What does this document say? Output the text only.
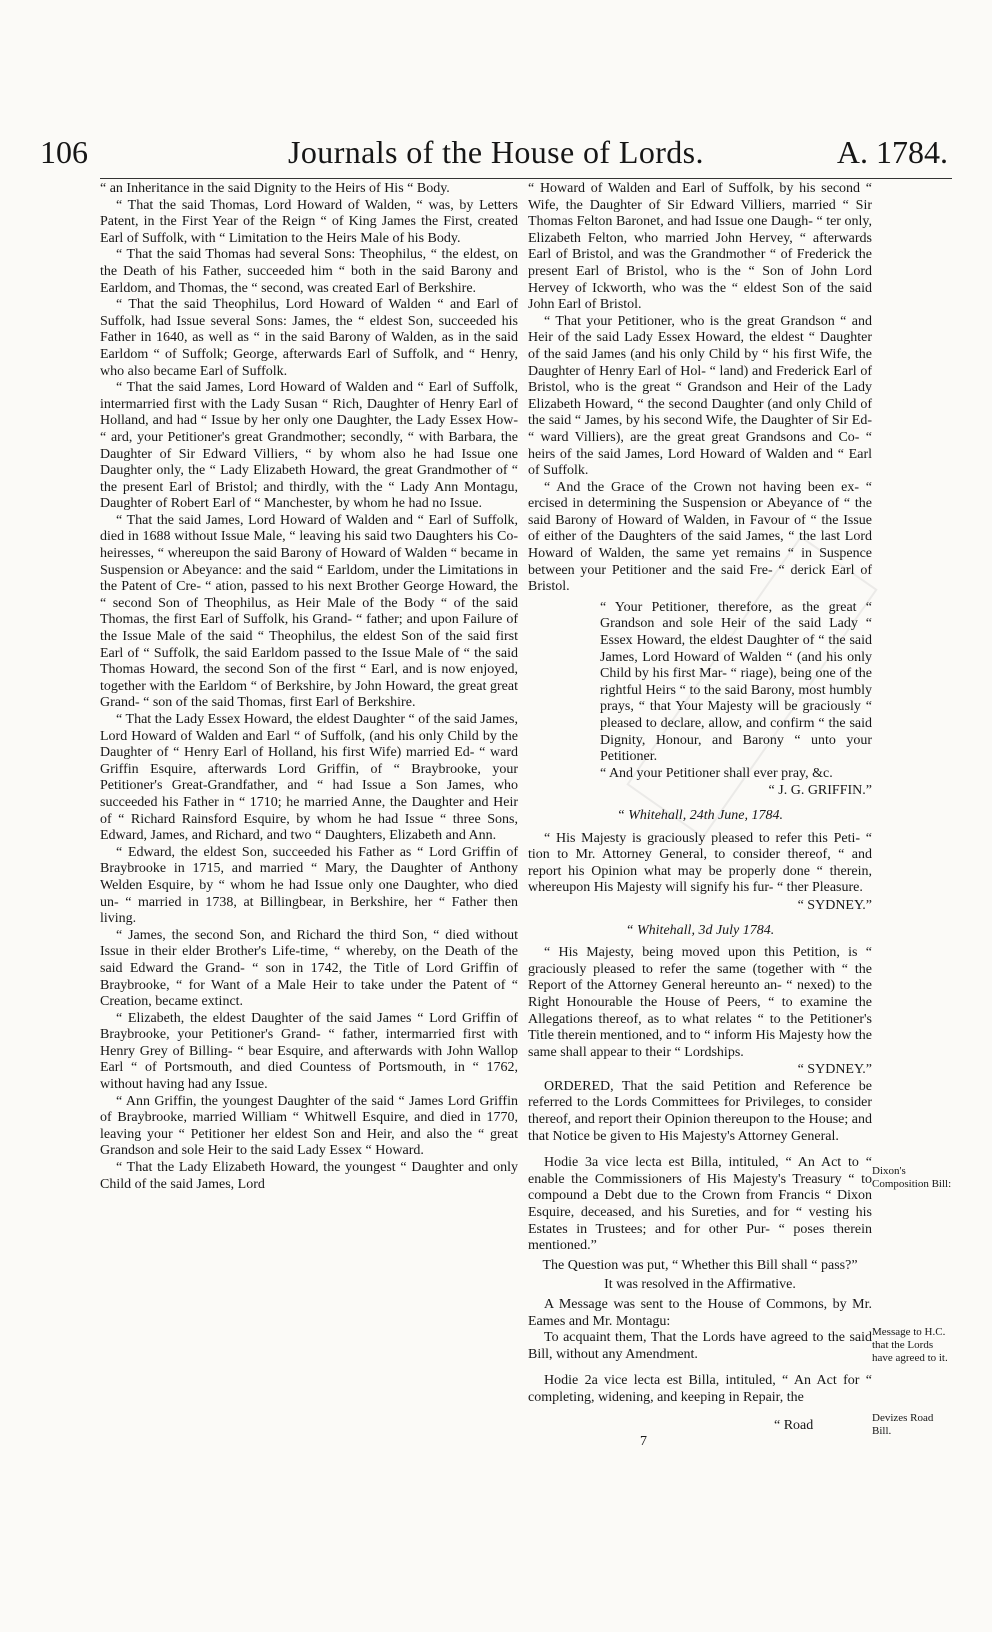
106	Journals of the House of Lords.	A. 1784.

“ an Inheritance in the said Dignity to the Heirs of His “ Body.

“ That the said Thomas, Lord Howard of Walden, “ was, by Letters Patent, in the First Year of the Reign “ of King James the First, created Earl of Suffolk, with “ Limitation to the Heirs Male of his Body.

“ That the said Thomas had several Sons: Theophilus, “ the eldest, on the Death of his Father, succeeded him “ both in the said Barony and Earldom, and Thomas, the “ second, was created Earl of Berkshire.

“ That the said Theophilus, Lord Howard of Walden “ and Earl of Suffolk, had Issue several Sons: James, the “ eldest Son, succeeded his Father in 1640, as well as “ in the said Barony of Walden, as in the said Earldom “ of Suffolk; George, afterwards Earl of Suffolk, and “ Henry, who also became Earl of Suffolk.

“ That the said James, Lord Howard of Walden and “ Earl of Suffolk, intermarried first with the Lady Susan “ Rich, Daughter of Henry Earl of Holland, and had “ Issue by her only one Daughter, the Lady Essex How- “ ard, your Petitioner's great Grandmother; secondly, “ with Barbara, the Daughter of Sir Edward Villiers, “ by whom also he had Issue one Daughter only, the “ Lady Elizabeth Howard, the great Grandmother of “ the present Earl of Bristol; and thirdly, with the “ Lady Ann Montagu, Daughter of Robert Earl of “ Manchester, by whom he had no Issue.

“ That the said James, Lord Howard of Walden and “ Earl of Suffolk, died in 1688 without Issue Male, “ leaving his said two Daughters his Co-heiresses, “ whereupon the said Barony of Howard of Walden “ became in Suspension or Abeyance: and the said “ Earldom, under the Limitations in the Patent of Cre- “ ation, passed to his next Brother George Howard, the “ second Son of Theophilus, as Heir Male of the Body “ of the said Thomas, the first Earl of Suffolk, his Grand- “ father; and upon Failure of the Issue Male of the said “ Theophilus, the eldest Son of the said first Earl of “ Suffolk, the said Earldom passed to the Issue Male of “ the said Thomas Howard, the second Son of the first “ Earl, and is now enjoyed, together with the Earldom “ of Berkshire, by John Howard, the great great Grand- “ son of the said Thomas, first Earl of Berkshire.

“ That the Lady Essex Howard, the eldest Daughter “ of the said James, Lord Howard of Walden and Earl “ of Suffolk, (and his only Child by the Daughter of “ Henry Earl of Holland, his first Wife) married Ed- “ ward Griffin Esquire, afterwards Lord Griffin, of “ Braybrooke, your Petitioner's Great-Grandfather, and “ had Issue a Son James, who succeeded his Father in “ 1710; he married Anne, the Daughter and Heir of “ Richard Rainsford Esquire, by whom he had Issue “ three Sons, Edward, James, and Richard, and two “ Daughters, Elizabeth and Ann.

“ Edward, the eldest Son, succeeded his Father as “ Lord Griffin of Braybrooke in 1715, and married “ Mary, the Daughter of Anthony Welden Esquire, by “ whom he had Issue only one Daughter, who died un- “ married in 1738, at Billingbear, in Berkshire, her “ Father then living.

“ James, the second Son, and Richard the third Son, “ died without Issue in their elder Brother's Life-time, “ whereby, on the Death of the said Edward the Grand- “ son in 1742, the Title of Lord Griffin of Braybrooke, “ for Want of a Male Heir to take under the Patent of “ Creation, became extinct.

“ Elizabeth, the eldest Daughter of the said James “ Lord Griffin of Braybrooke, your Petitioner's Grand- “ father, intermarried first with Henry Grey of Billing- “ bear Esquire, and afterwards with John Wallop Earl “ of Portsmouth, and died Countess of Portsmouth, in “ 1762, without having had any Issue.

“ Ann Griffin, the youngest Daughter of the said “ James Lord Griffin of Braybrooke, married William “ Whitwell Esquire, and died in 1770, leaving your “ Petitioner her eldest Son and Heir, and also the “ great Grandson and sole Heir to the said Lady Essex “ Howard.

“ That the Lady Elizabeth Howard, the youngest “ Daughter and only Child of the said James, Lord

“ Howard of Walden and Earl of Suffolk, by his second “ Wife, the Daughter of Sir Edward Villiers, married “ Sir Thomas Felton Baronet, and had Issue one Daugh- “ ter only, Elizabeth Felton, who married John Hervey, “ afterwards Earl of Bristol, and was the Grandmother “ of Frederick the present Earl of Bristol, who is the “ Son of John Lord Hervey of Ickworth, who was the “ eldest Son of the said John Earl of Bristol.

“ That your Petitioner, who is the great Grandson “ and Heir of the said Lady Essex Howard, the eldest “ Daughter of the said James (and his only Child by “ his first Wife, the Daughter of Henry Earl of Hol- “ land) and Frederick Earl of Bristol, who is the great “ Grandson and Heir of the Lady Elizabeth Howard, “ the second Daughter (and only Child of the said “ James, by his second Wife, the Daughter of Sir Ed- “ ward Villiers), are the great great Grandsons and Co- “ heirs of the said James, Lord Howard of Walden and “ Earl of Suffolk.

“ And the Grace of the Crown not having been ex- “ ercised in determining the Suspension or Abeyance of “ the said Barony of Howard of Walden, in Favour of “ the Issue of either of the Daughters of the said James, “ the last Lord Howard of Walden, the same yet remains “ in Suspence between your Petitioner and the said Fre- “ derick Earl of Bristol.

“ Your Petitioner, therefore, as the great “ Grandson and sole Heir of the said Lady “ Essex Howard, the eldest Daughter of “ the said James, Lord Howard of Walden “ (and his only Child by his first Mar- “ riage), being one of the rightful Heirs “ to the said Barony, most humbly prays, “ that Your Majesty will be graciously “ pleased to declare, allow, and confirm “ the said Dignity, Honour, and Barony “ unto your Petitioner.

“ And your Petitioner shall ever pray, &c.

“ J. G. GRIFFIN.”

“ Whitehall, 24th June, 1784.

“ His Majesty is graciously pleased to refer this Peti- “ tion to Mr. Attorney General, to consider thereof, “ and report his Opinion what may be properly done “ therein, whereupon His Majesty will signify his fur- “ ther Pleasure.

“ SYDNEY.”

“ Whitehall, 3d July 1784.

“ His Majesty, being moved upon this Petition, is “ graciously pleased to refer the same (together with “ the Report of the Attorney General hereunto an- “ nexed) to the Right Honourable the House of Peers, “ to examine the Allegations thereof, as to what relates “ to the Petitioner's Title therein mentioned, and to “ inform His Majesty how the same shall appear to their “ Lordships.

“ SYDNEY.”

ORDERED, That the said Petition and Reference be referred to the Lords Committees for Privileges, to consider thereof, and report their Opinion thereupon to the House; and that Notice be given to His Majesty's Attorney General.

Hodie 3a vice lecta est Billa, intituled, “ An Act to “ enable the Commissioners of His Majesty's Treasury “ to compound a Debt due to the Crown from Francis “ Dixon Esquire, deceased, and his Sureties, and for “ vesting his Estates in Trustees; and for other Pur- “ poses therein mentioned.”

The Question was put, “ Whether this Bill shall “ pass?”

It was resolved in the Affirmative.

A Message was sent to the House of Commons, by Mr. Eames and Mr. Montagu:

To acquaint them, That the Lords have agreed to the said Bill, without any Amendment.

Hodie 2a vice lecta est Billa, intituled, “ An Act for “ completing, widening, and keeping in Repair, the

Dixon's Composition Bill:
Message to H.C. that the Lords have agreed to it.
Devizes Road Bill.
“ Road
7
